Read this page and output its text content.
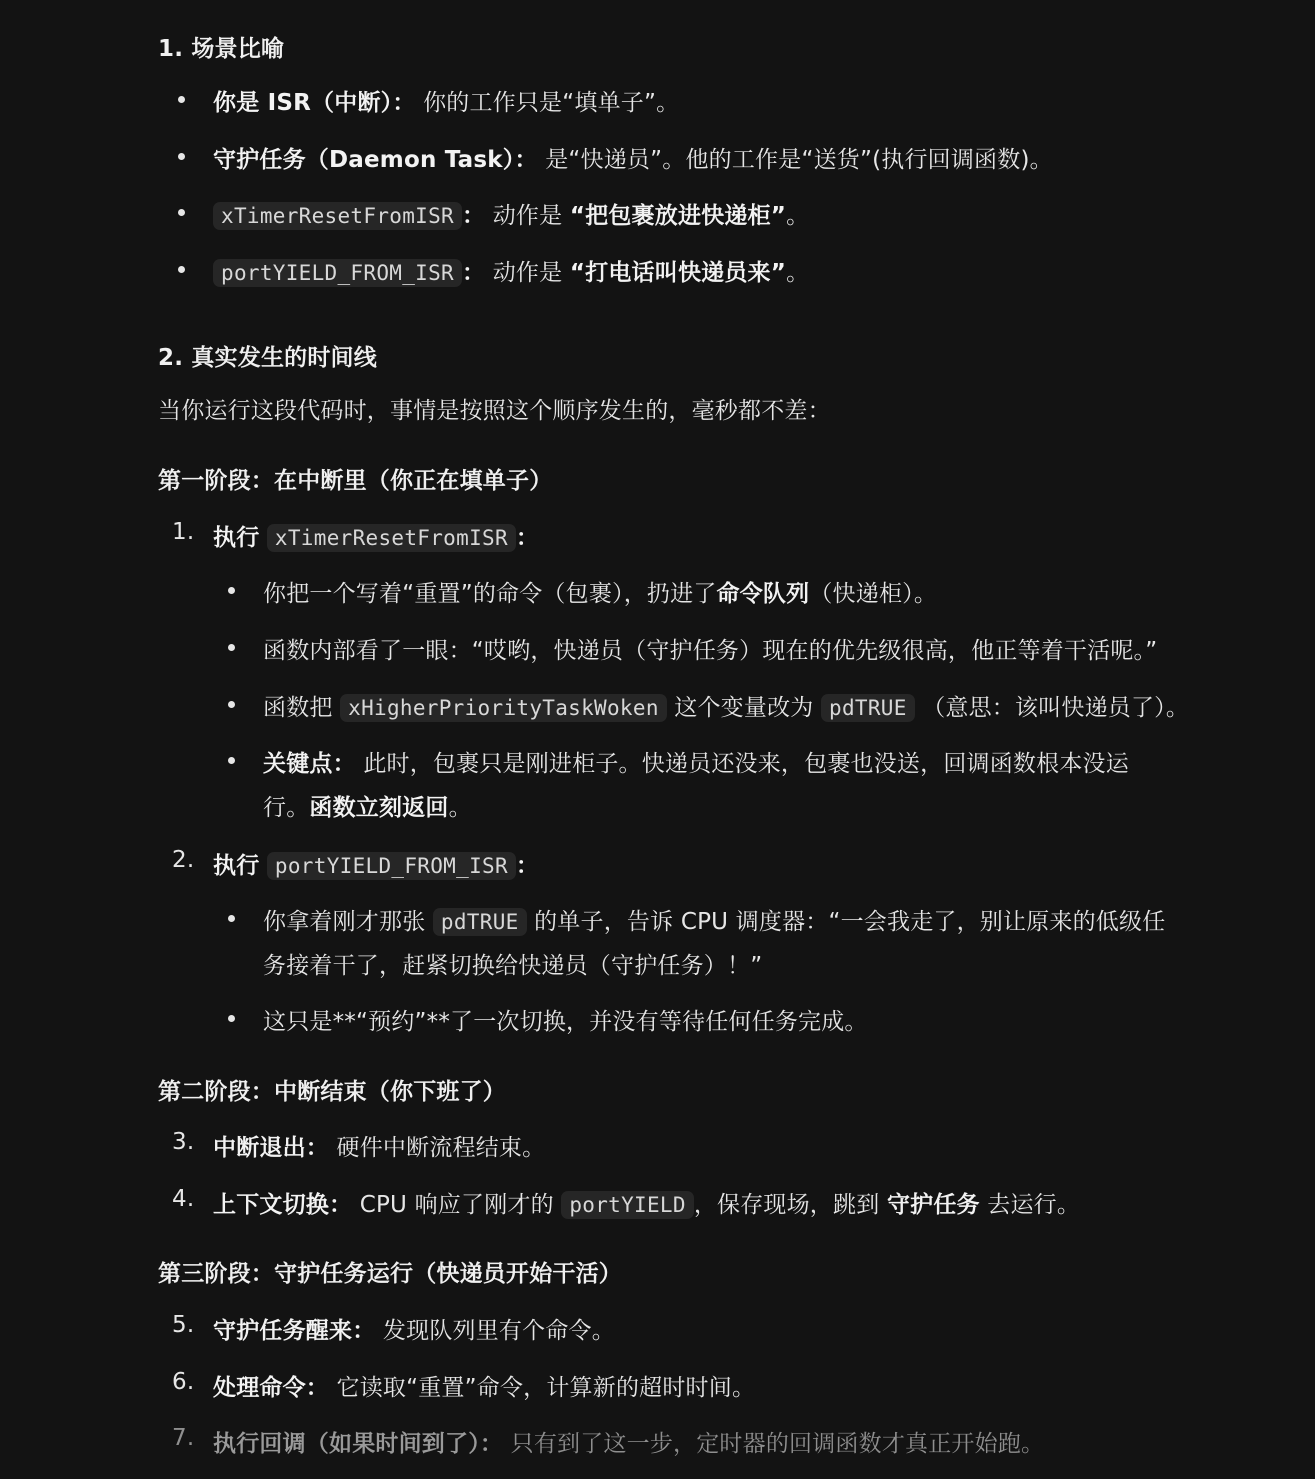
1. 场景比喻
你是 ISR（中断）： 你的工作只是“填单子”。
守护任务（Daemon Task）： 是“快递员”。他的工作是“送货”(执行回调函数)。
xTimerResetFromISR ： 动作是 “把包裹放进快递柜”。
portYIELD_FROM_ISR ： 动作是 “打电话叫快递员来”。
2. 真实发生的时间线
当你运行这段代码时，事情是按照这个顺序发生的，毫秒都不差：
第一阶段：在中断里（你正在填单子）
1. 执行 xTimerResetFromISR ：
你把一个写着“重置”的命令（包裹），扔进了命令队列（快递柜）。
函数内部看了一眼：“哎哟，快递员（守护任务）现在的优先级很高，他正等着干活呢。”
函数把 xHigherPriorityTaskWoken 这个变量改为 pdTRUE （意思：该叫快递员了）。
关键点： 此时，包裹只是刚进柜子。快递员还没来，包裹也没送，回调函数根本没运
行。函数立刻返回。
2. 执行 portYIELD_FROM_ISR ：
你拿着刚才那张 pdTRUE 的单子，告诉 CPU 调度器：“一会我走了，别让原来的低级任
务接着干了，赶紧切换给快递员（守护任务）！”
这只是**“预约”**了一次切换，并没有等待任何任务完成。
第二阶段：中断结束（你下班了）
3. 中断退出： 硬件中断流程结束。
4. 上下文切换： CPU 响应了刚才的 portYIELD ，保存现场，跳到 守护任务 去运行。
第三阶段：守护任务运行（快递员开始干活）
5. 守护任务醒来： 发现队列里有个命令。
6. 处理命令： 它读取“重置”命令，计算新的超时时间。
7. 执行回调（如果时间到了）： 只有到了这一步，定时器的回调函数才真正开始跑。
